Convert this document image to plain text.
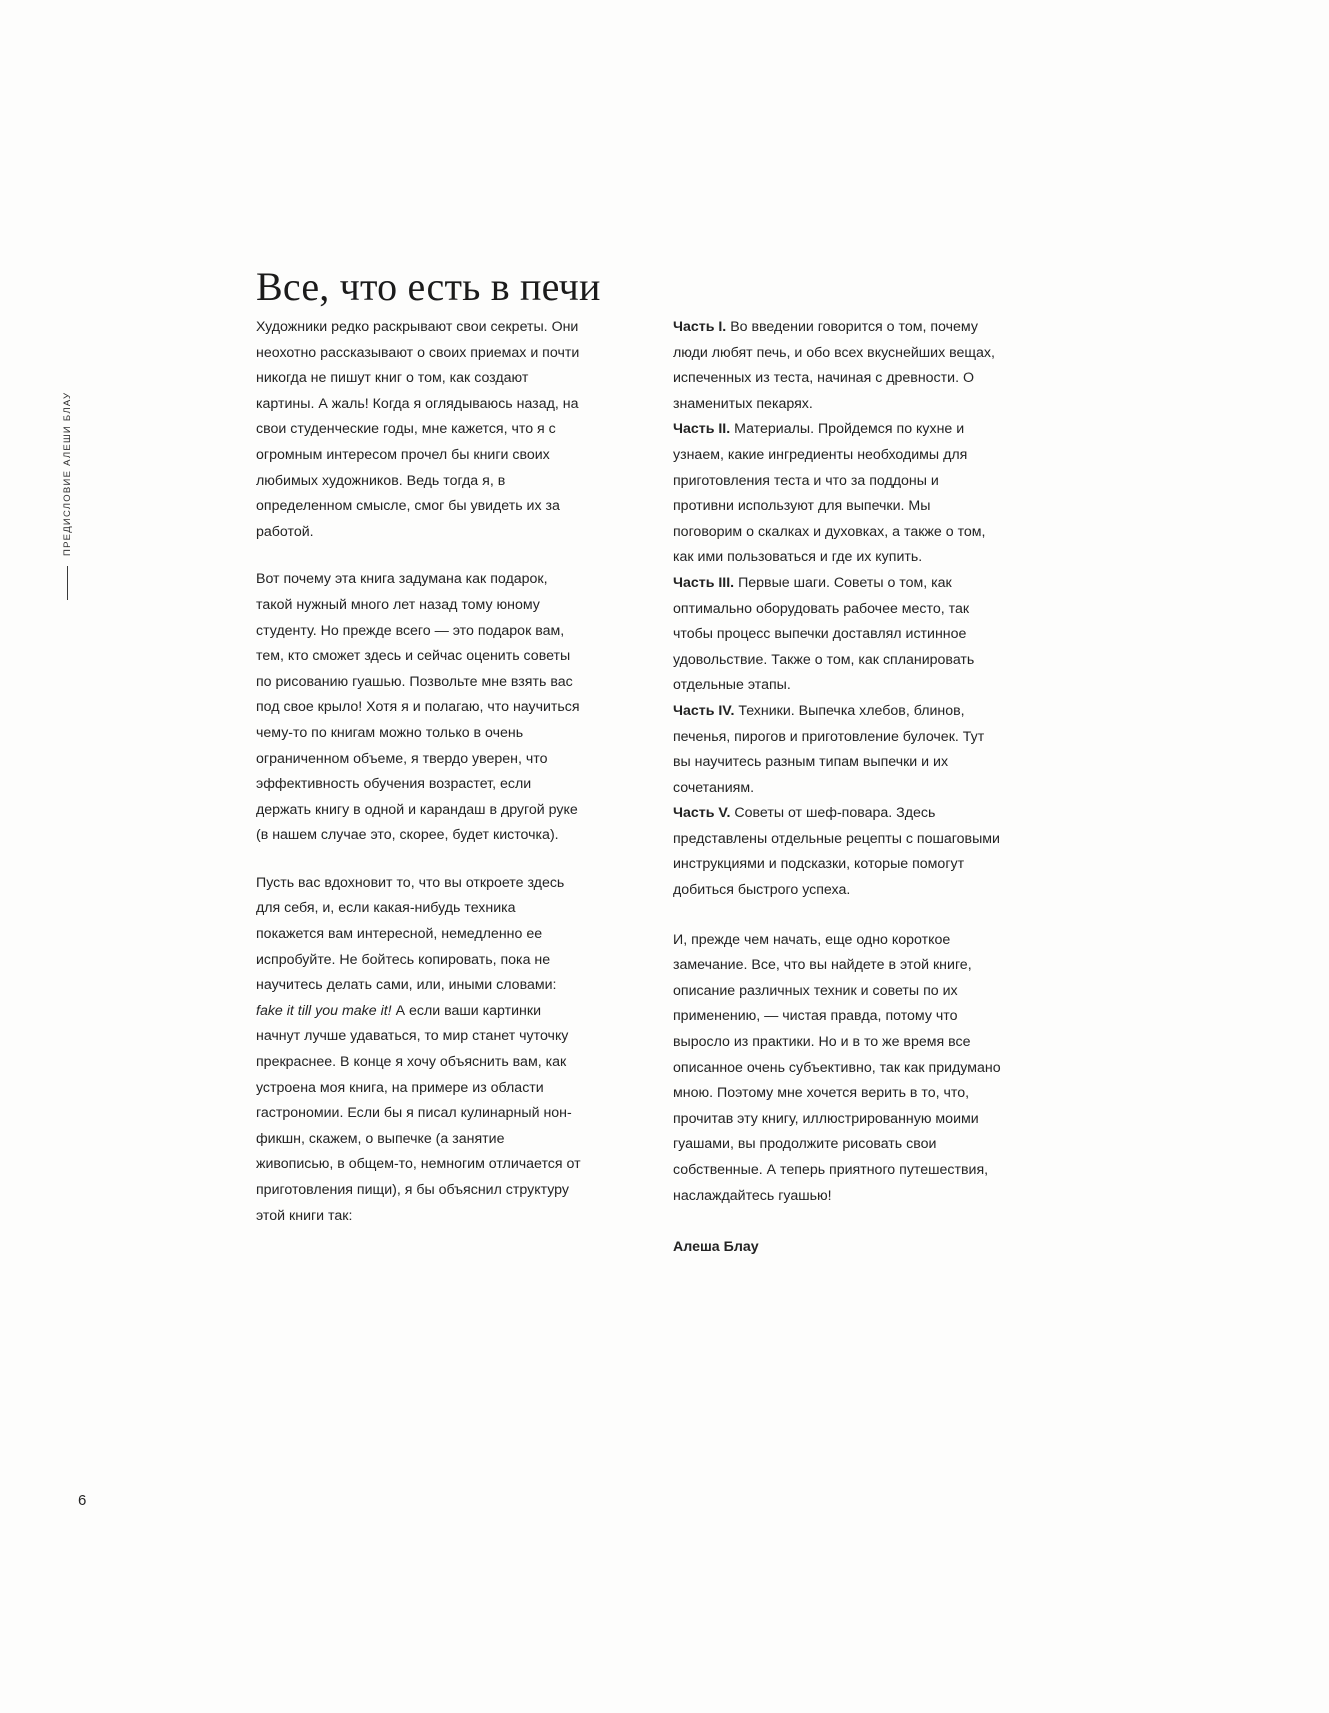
ПРЕДИСЛОВИЕ АЛЕШИ БЛАУ
Все, что есть в печи

Художники редко раскрывают свои секреты. Они неохотно рассказывают о своих приемах и почти никогда не пишут книг о том, как создают картины. А жаль! Когда я оглядываюсь назад, на свои студенческие годы, мне кажется, что я с огромным интересом прочел бы книги своих любимых художников. Ведь тогда я, в определенном смысле, смог бы увидеть их за работой.

Вот почему эта книга задумана как подарок, такой нужный много лет назад тому юному студенту. Но прежде всего — это подарок вам, тем, кто сможет здесь и сейчас оценить советы по рисованию гуашью. Позвольте мне взять вас под свое крыло! Хотя я и полагаю, что научиться чему-то по книгам можно только в очень ограниченном объеме, я твердо уверен, что эффективность обучения возрастет, если держать книгу в одной и карандаш в другой руке (в нашем случае это, скорее, будет кисточка).

Пусть вас вдохновит то, что вы откроете здесь для себя, и, если какая-нибудь техника покажется вам интересной, немедленно ее испробуйте. Не бойтесь копировать, пока не научитесь делать сами, или, иными словами: fake it till you make it! А если ваши картинки начнут лучше удаваться, то мир станет чуточку прекраснее. В конце я хочу объяснить вам, как устроена моя книга, на примере из области гастрономии. Если бы я писал кулинарный нон-фикшн, скажем, о выпечке (а занятие живописью, в общем-то, немногим отличается от приготовления пищи), я бы объяснил структуру этой книги так:

Часть I. Во введении говорится о том, почему люди любят печь, и обо всех вкуснейших вещах, испеченных из теста, начиная с древности. О знаменитых пекарях.

Часть II. Материалы. Пройдемся по кухне и узнаем, какие ингредиенты необходимы для приготовления теста и что за поддоны и противни используют для выпечки. Мы поговорим о скалках и духовках, а также о том, как ими пользоваться и где их купить.

Часть III. Первые шаги. Советы о том, как оптимально оборудовать рабочее место, так чтобы процесс выпечки доставлял истинное удовольствие. Также о том, как спланировать отдельные этапы.

Часть IV. Техники. Выпечка хлебов, блинов, печенья, пирогов и приготовление булочек. Тут вы научитесь разным типам выпечки и их сочетаниям.

Часть V. Советы от шеф-повара. Здесь представлены отдельные рецепты с пошаговыми инструкциями и подсказки, которые помогут добиться быстрого успеха.

И, прежде чем начать, еще одно короткое замечание. Все, что вы найдете в этой книге, описание различных техник и советы по их применению, — чистая правда, потому что выросло из практики. Но и в то же время все описанное очень субъективно, так как придумано мною. Поэтому мне хочется верить в то, что, прочитав эту книгу, иллюстрированную моими гуашами, вы продолжите рисовать свои собственные. А теперь приятного путешествия, наслаждайтесь гуашью!

Алеша Блау

6
